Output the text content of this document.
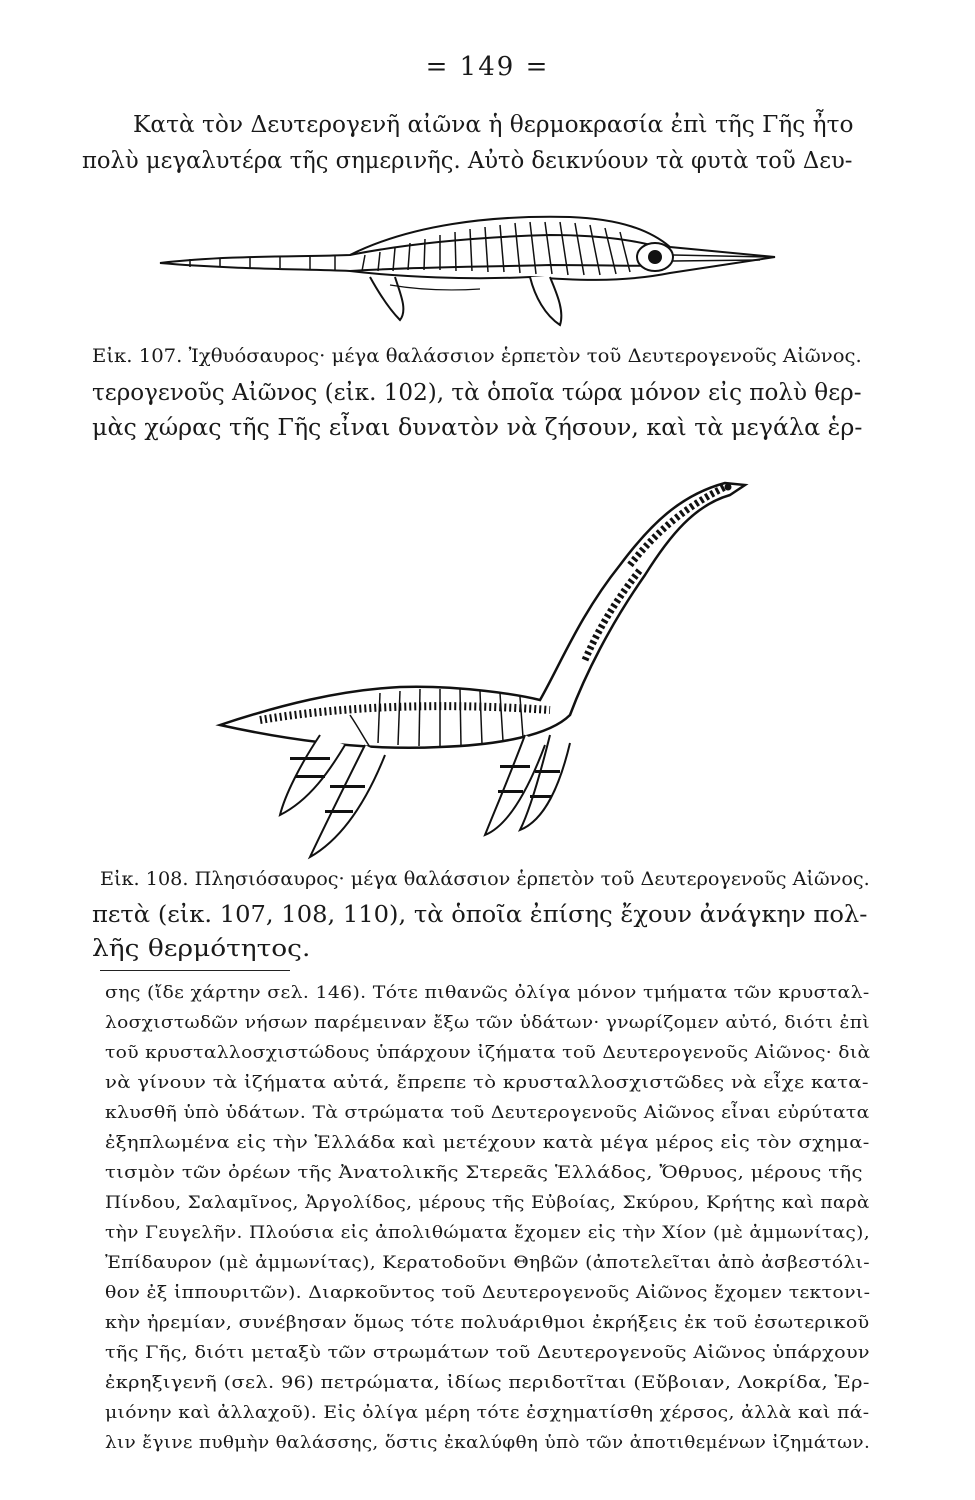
= 149 =
Κατὰ τὸν Δευτερογενῆ αἰῶνα ἡ θερμοκρασία ἐπὶ τῆς Γῆς ἦτο
πολὺ μεγαλυτέρα τῆς σημερινῆς. Αὐτὸ δεικνύουν τὰ φυτὰ τοῦ Δευ-
Εἰκ. 107. Ἰχθυόσαυρος· μέγα θαλάσσιον ἑρπετὸν τοῦ Δευτερογενοῦς Αἰῶνος.
τερογενοῦς Αἰῶνος (εἰκ. 102), τὰ ὁποῖα τώρα μόνον εἰς πολὺ θερ-
μὰς χώρας τῆς Γῆς εἶναι δυνατὸν νὰ ζήσουν, καὶ τὰ μεγάλα ἑρ-
Εἰκ. 108. Πλησιόσαυρος· μέγα θαλάσσιον ἑρπετὸν τοῦ Δευτερογενοῦς Αἰῶνος.
πετὰ (εἰκ. 107, 108, 110), τὰ ὁποῖα ἐπίσης ἔχουν ἀνάγκην πολ-
λῆς θερμότητος.
σης (ἴδε χάρτην σελ. 146). Τότε πιθανῶς ὀλίγα μόνον τμήματα τῶν κρυσταλ-
λοσχιστωδῶν νήσων παρέμειναν ἔξω τῶν ὑδάτων· γνωρίζομεν αὐτό, διότι ἐπὶ
τοῦ κρυσταλλοσχιστώδους ὑπάρχουν ἰζήματα τοῦ Δευτερογενοῦς Αἰῶνος· διὰ
νὰ γίνουν τὰ ἰζήματα αὐτά, ἔπρεπε τὸ κρυσταλλοσχιστῶδες νὰ εἶχε κατα-
κλυσθῆ ὑπὸ ὑδάτων. Τὰ στρώματα τοῦ Δευτερογενοῦς Αἰῶνος εἶναι εὐρύτατα
ἐξηπλωμένα εἰς τὴν Ἑλλάδα καὶ μετέχουν κατὰ μέγα μέρος εἰς τὸν σχημα-
τισμὸν τῶν ὀρέων τῆς Ἀνατολικῆς Στερεᾶς Ἑλλάδος, Ὄθρυος, μέρους τῆς
Πίνδου, Σαλαμῖνος, Ἀργολίδος, μέρους τῆς Εὐβοίας, Σκύρου, Κρήτης καὶ παρὰ
τὴν Γευγελῆν. Πλούσια εἰς ἀπολιθώματα ἔχομεν εἰς τὴν Χίον (μὲ ἀμμωνίτας),
Ἐπίδαυρον (μὲ ἀμμωνίτας), Κερατοδοῦνι Θηβῶν (ἀποτελεῖται ἀπὸ ἀσβεστόλι-
θον ἐξ ἱππουριτῶν). Διαρκοῦντος τοῦ Δευτερογενοῦς Αἰῶνος ἔχομεν τεκτονι-
κὴν ἠρεμίαν, συνέβησαν ὅμως τότε πολυάριθμοι ἐκρήξεις ἐκ τοῦ ἐσωτερικοῦ
τῆς Γῆς, διότι μεταξὺ τῶν στρωμάτων τοῦ Δευτερογενοῦς Αἰῶνος ὑπάρχουν
ἐκρηξιγενῆ (σελ. 96) πετρώματα, ἰδίως περιδοτῖται (Εὔβοιαν, Λοκρίδα, Ἑρ-
μιόνην καὶ ἀλλαχοῦ). Εἰς ὀλίγα μέρη τότε ἐσχηματίσθη χέρσος, ἀλλὰ καὶ πά-
λιν ἔγινε πυθμὴν θαλάσσης, ὅστις ἐκαλύφθη ὑπὸ τῶν ἀποτιθεμένων ἰζημάτων.
